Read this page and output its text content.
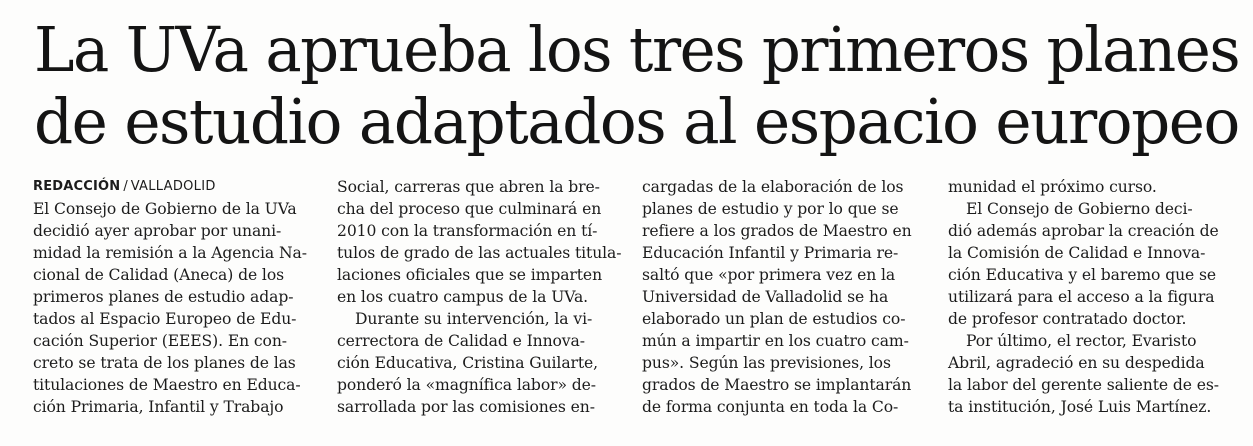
La UVa aprueba los tres primeros planes
de estudio adaptados al espacio europeo
REDACCIÓN / VALLADOLID
El Consejo de Gobierno de la UVa
decidió ayer aprobar por unani-
midad la remisión a la Agencia Na-
cional de Calidad (Aneca) de los
primeros planes de estudio adap-
tados al Espacio Europeo de Edu-
cación Superior (EEES). En con-
creto se trata de los planes de las
titulaciones de Maestro en Educa-
ción Primaria, Infantil y Trabajo
Social, carreras que abren la bre-
cha del proceso que culminará en
2010 con la transformación en tí-
tulos de grado de las actuales titula-
laciones oficiales que se imparten
en los cuatro campus de la UVa.
Durante su intervención, la vi-
cerrectora de Calidad e Innova-
ción Educativa, Cristina Guilarte,
ponderó la «magnífica labor» de-
sarrollada por las comisiones en-
cargadas de la elaboración de los
planes de estudio y por lo que se
refiere a los grados de Maestro en
Educación Infantil y Primaria re-
saltó que «por primera vez en la
Universidad de Valladolid se ha
elaborado un plan de estudios co-
mún a impartir en los cuatro cam-
pus». Según las previsiones, los
grados de Maestro se implantarán
de forma conjunta en toda la Co-
munidad el próximo curso.
El Consejo de Gobierno deci-
dió además aprobar la creación de
la Comisión de Calidad e Innova-
ción Educativa y el baremo que se
utilizará para el acceso a la figura
de profesor contratado doctor.
Por último, el rector, Evaristo
Abril, agradeció en su despedida
la labor del gerente saliente de es-
ta institución, José Luis Martínez.
